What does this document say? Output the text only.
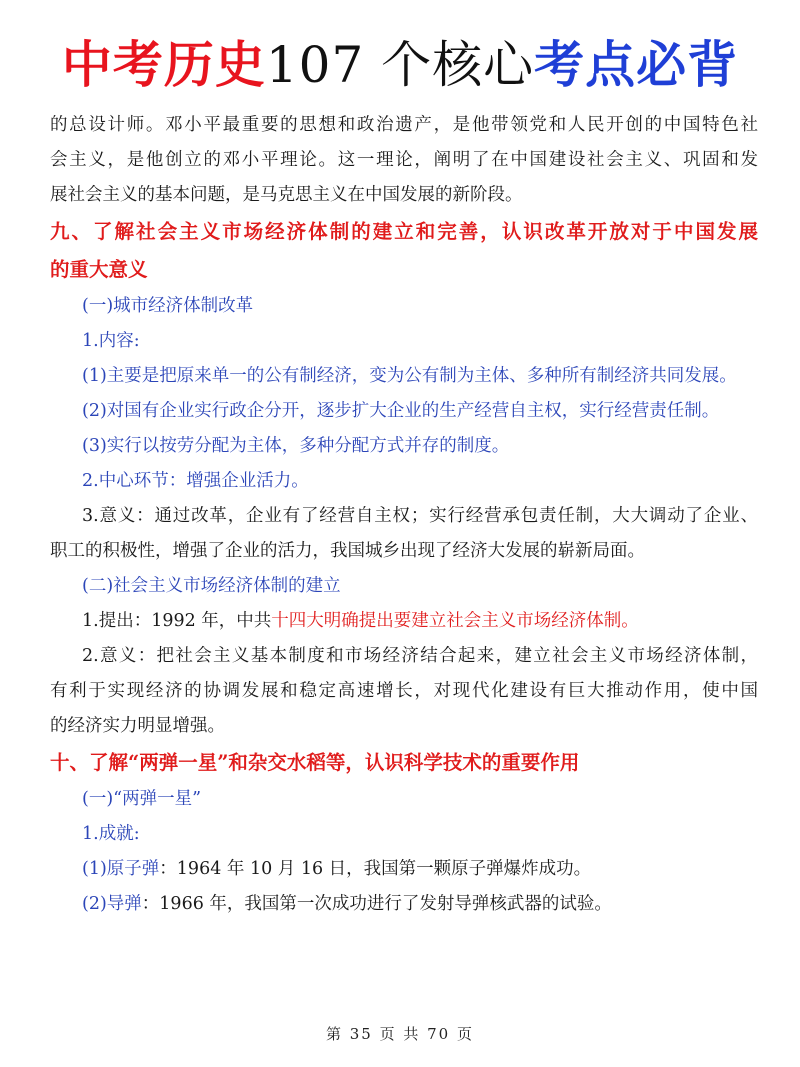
中考历史107 个核心考点必背
的总设计师。邓小平最重要的思想和政治遗产，是他带领党和人民开创的中国特色社
会主义，是他创立的邓小平理论。这一理论，阐明了在中国建设社会主义、巩固和发
展社会主义的基本问题，是马克思主义在中国发展的新阶段。
九、了解社会主义市场经济体制的建立和完善，认识改革开放对于中国发展
的重大意义
(一)城市经济体制改革
1.内容:
(1)主要是把原来单一的公有制经济，变为公有制为主体、多种所有制经济共同发展。
(2)对国有企业实行政企分开，逐步扩大企业的生产经营自主权，实行经营责任制。
(3)实行以按劳分配为主体，多种分配方式并存的制度。
2.中心环节：增强企业活力。
3.意义：通过改革，企业有了经营自主权；实行经营承包责任制，大大调动了企业、
职工的积极性，增强了企业的活力，我国城乡出现了经济大发展的崭新局面。
(二)社会主义市场经济体制的建立
1.提出：1992 年，中共十四大明确提出要建立社会主义市场经济体制。
2.意义：把社会主义基本制度和市场经济结合起来，建立社会主义市场经济体制，
有利于实现经济的协调发展和稳定高速增长，对现代化建设有巨大推动作用，使中国
的经济实力明显增强。
十、了解“两弹一星”和杂交水稻等，认识科学技术的重要作用
(一)“两弹一星”
1.成就:
(1)原子弹：1964 年 10 月 16 日，我国第一颗原子弹爆炸成功。
(2)导弹：1966 年，我国第一次成功进行了发射导弹核武器的试验。
第 35 页 共 70 页
